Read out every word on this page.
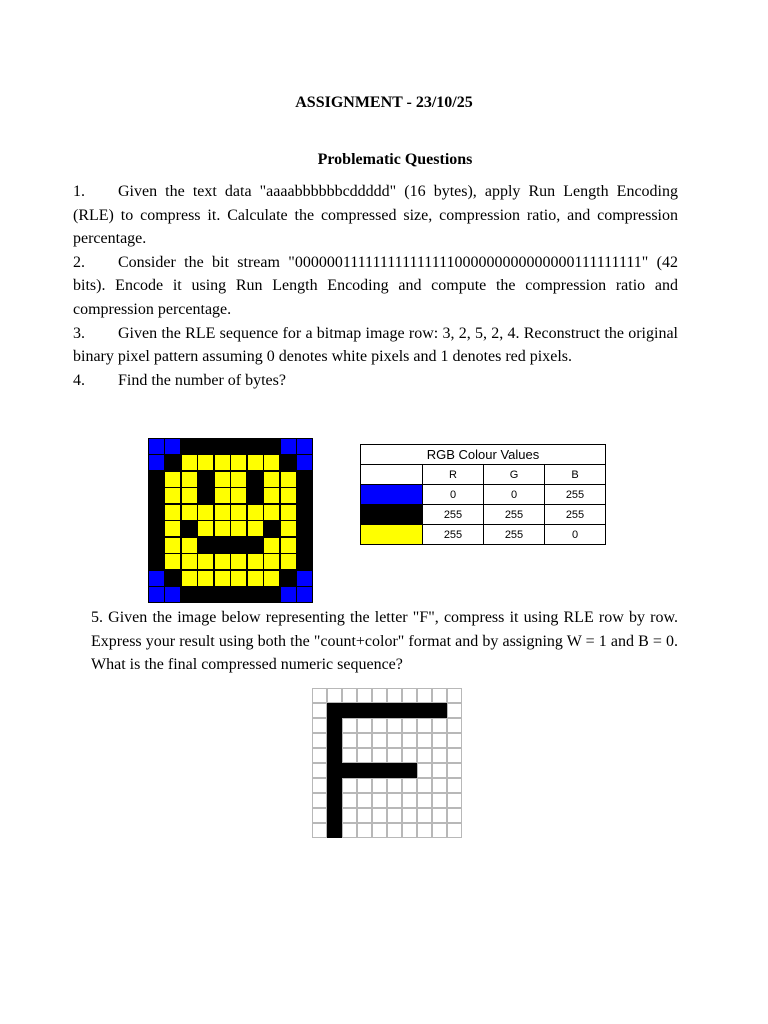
ASSIGNMENT - 23/10/25
Problematic Questions

1. Given the text data "aaaabbbbbbcddddd" (16 bytes), apply Run Length Encoding (RLE) to compress it. Calculate the compressed size, compression ratio, and compression percentage.

2. Consider the bit stream "000000111111111111111000000000000000111111111" (42 bits). Encode it using Run Length Encoding and compute the compression ratio and compression percentage.

3. Given the RLE sequence for a bitmap image row: 3, 2, 5, 2, 4. Reconstruct the original binary pixel pattern assuming 0 denotes white pixels and 1 denotes red pixels.

4. Find the number of bytes?

RGB Colour Values			
	R	G	B
	0	0	255
	255	255	255
	255	255	0

5. Given the image below representing the letter "F", compress it using RLE row by row. Express your result using both the "count+color" format and by assigning W = 1 and B = 0. What is the final compressed numeric sequence?
